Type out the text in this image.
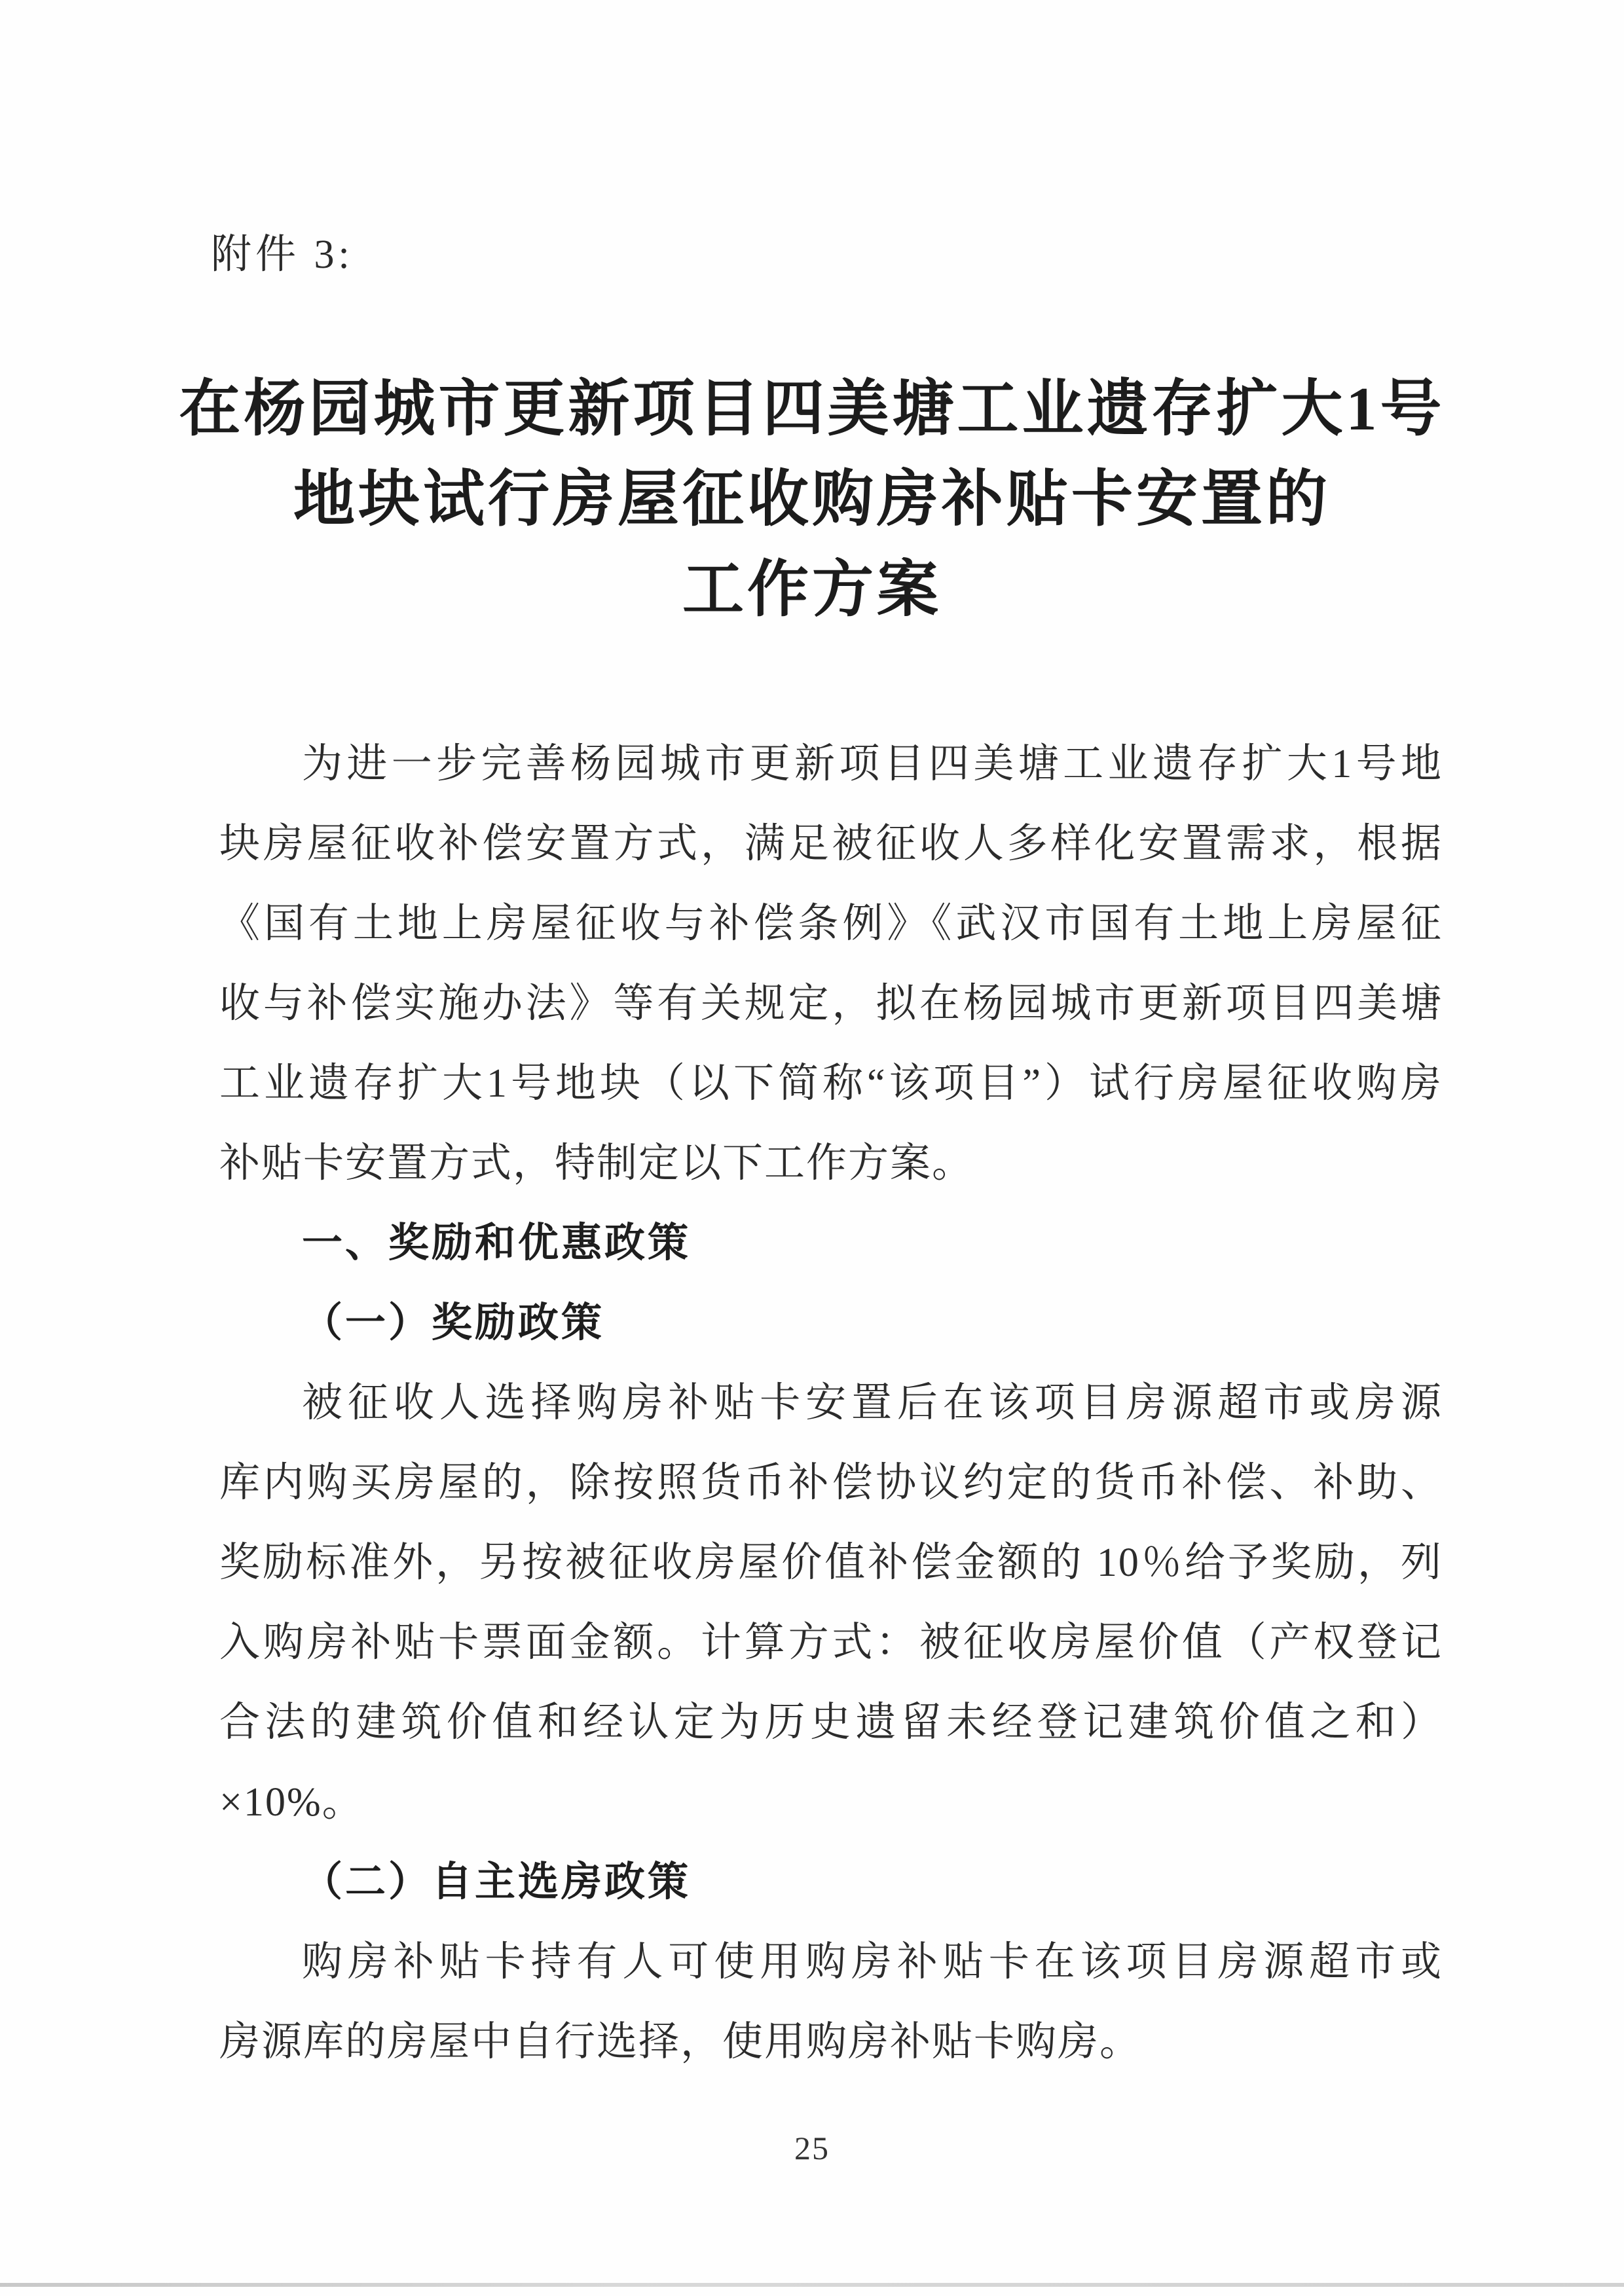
附件 3:
在杨园城市更新项目四美塘工业遗存扩大1号
地块试行房屋征收购房补贴卡安置的
工作方案
为进一步完善杨园城市更新项目四美塘工业遗存扩大1号地
块房屋征收补偿安置方式，满足被征收人多样化安置需求，根据
《国有土地上房屋征收与补偿条例》《武汉市国有土地上房屋征
收与补偿实施办法》等有关规定，拟在杨园城市更新项目四美塘
工业遗存扩大1号地块（以下简称“该项目”）试行房屋征收购房
补贴卡安置方式，特制定以下工作方案。
一、奖励和优惠政策
（一）奖励政策
被征收人选择购房补贴卡安置后在该项目房源超市或房源
库内购买房屋的，除按照货币补偿协议约定的货币补偿、补助、
奖励标准外，另按被征收房屋价值补偿金额的 10％给予奖励，列
入购房补贴卡票面金额。计算方式：被征收房屋价值（产权登记
合法的建筑价值和经认定为历史遗留未经登记建筑价值之和）
×10%。
（二）自主选房政策
购房补贴卡持有人可使用购房补贴卡在该项目房源超市或
房源库的房屋中自行选择，使用购房补贴卡购房。
25
